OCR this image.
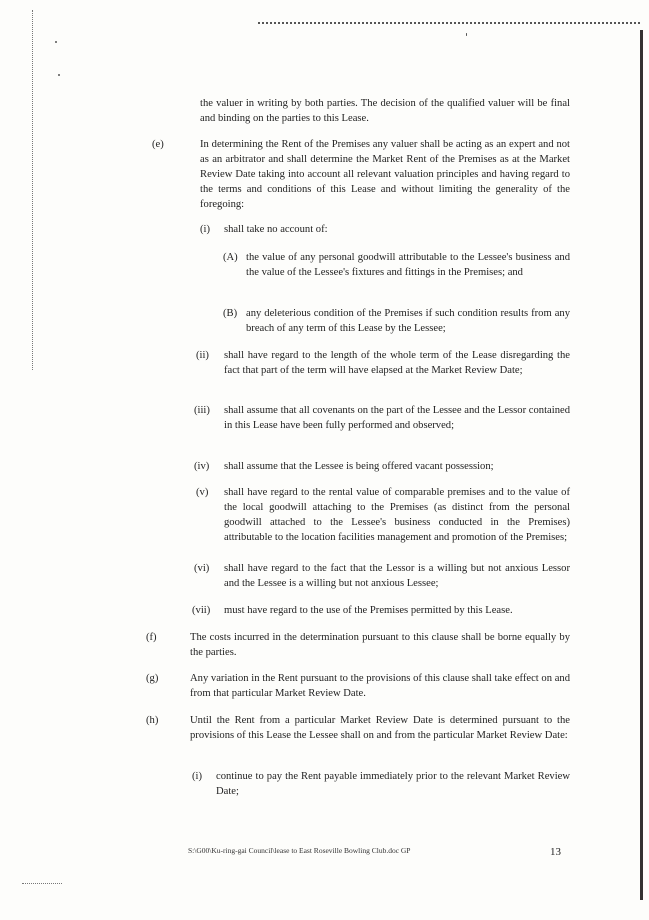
the valuer in writing by both parties. The decision of the qualified valuer will be final and binding on the parties to this Lease.

(e)	In determining the Rent of the Premises any valuer shall be acting as an expert and not as an arbitrator and shall determine the Market Rent of the Premises as at the Market Review Date taking into account all relevant valuation principles and having regard to the terms and conditions of this Lease and without limiting the generality of the foregoing:

(i) shall take no account of:

(A) the value of any personal goodwill attributable to the Lessee's business and the value of the Lessee's fixtures and fittings in the Premises; and

(B) any deleterious condition of the Premises if such condition results from any breach of any term of this Lease by the Lessee;

(ii) shall have regard to the length of the whole term of the Lease disregarding the fact that part of the term will have elapsed at the Market Review Date;

(iii) shall assume that all covenants on the part of the Lessee and the Lessor contained in this Lease have been fully performed and observed;

(iv) shall assume that the Lessee is being offered vacant possession;

(v) shall have regard to the rental value of comparable premises and to the value of the local goodwill attaching to the Premises (as distinct from the personal goodwill attached to the Lessee's business conducted in the Premises) attributable to the location facilities management and promotion of the Premises;

(vi) shall have regard to the fact that the Lessor is a willing but not anxious Lessor and the Lessee is a willing but not anxious Lessee;

(vii) must have regard to the use of the Premises permitted by this Lease.

(f)	The costs incurred in the determination pursuant to this clause shall be borne equally by the parties.

(g)	Any variation in the Rent pursuant to the provisions of this clause shall take effect on and from that particular Market Review Date.

(h)	Until the Rent from a particular Market Review Date is determined pursuant to the provisions of this Lease the Lessee shall on and from the particular Market Review Date:

(i) continue to pay the Rent payable immediately prior to the relevant Market Review Date;

S:\G00\Ku-ring-gai Council\lease to East Roseville Bowling Club.doc GP	13
